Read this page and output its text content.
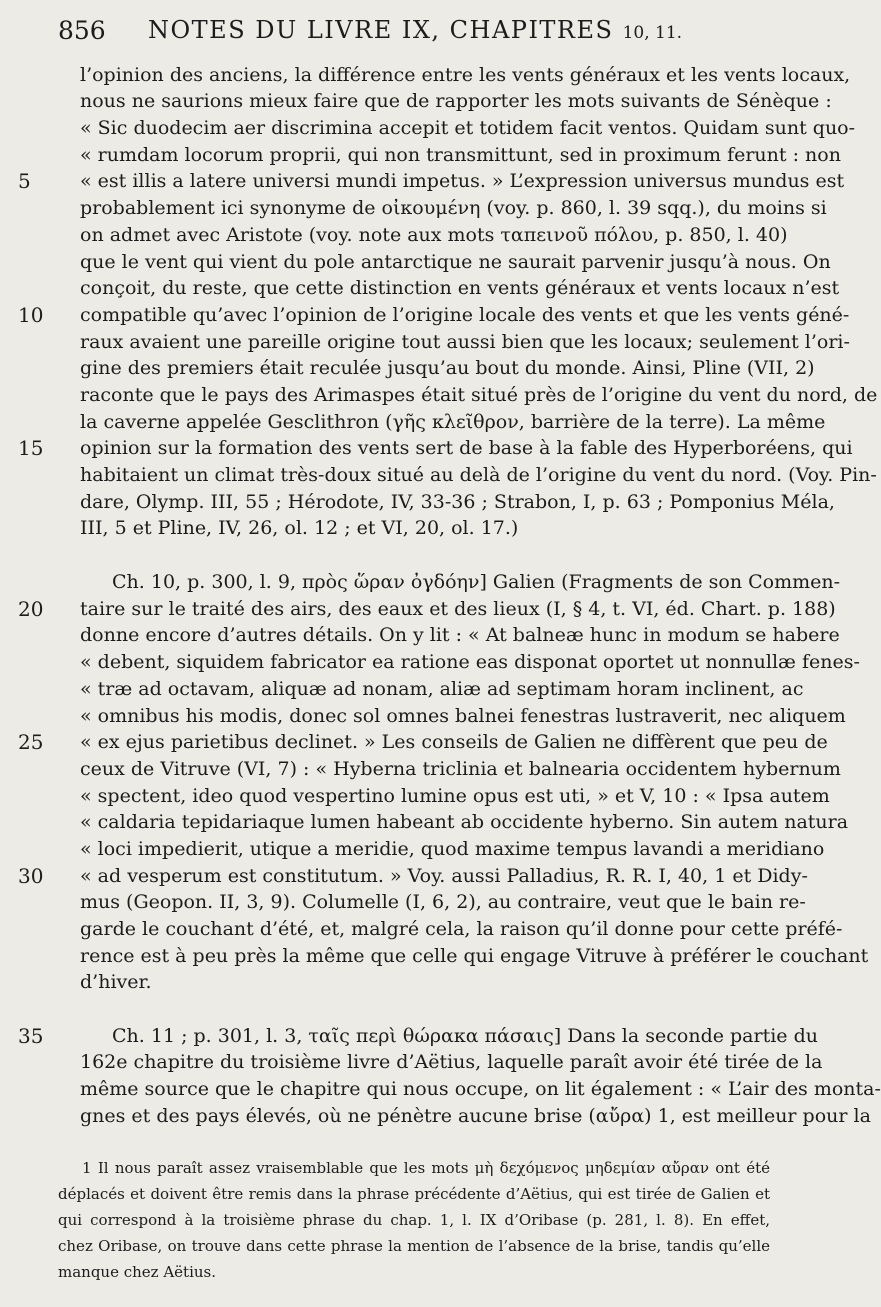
856 NOTES DU LIVRE IX, CHAPITRES 10, 11.
l’opinion des anciens, la différence entre les vents généraux et les vents locaux,
nous ne saurions mieux faire que de rapporter les mots suivants de Sénèque :
« Sic duodecim aer discrimina accepit et totidem facit ventos. Quidam sunt quo-
« rumdam locorum proprii, qui non transmittunt, sed in proximum ferunt : non
« est illis a latere universi mundi impetus. » L’expression universus mundus est
probablement ici synonyme de οἰκουμένη (voy. p. 860, l. 39 sqq.), du moins si
on admet avec Aristote (voy. note aux mots ταπεινοῦ πόλου, p. 850, l. 40)
que le vent qui vient du pole antarctique ne saurait parvenir jusqu’à nous. On
conçoit, du reste, que cette distinction en vents généraux et vents locaux n’est
compatible qu’avec l’opinion de l’origine locale des vents et que les vents géné-
raux avaient une pareille origine tout aussi bien que les locaux; seulement l’ori-
gine des premiers était reculée jusqu’au bout du monde. Ainsi, Pline (VII, 2)
raconte que le pays des Arimaspes était situé près de l’origine du vent du nord, de
la caverne appelée Gesclithron (γῆς κλεῖθρον, barrière de la terre). La même
opinion sur la formation des vents sert de base à la fable des Hyperboréens, qui
habitaient un climat très-doux situé au delà de l’origine du vent du nord. (Voy. Pin-
dare, Olymp. III, 55 ; Hérodote, IV, 33-36 ; Strabon, I, p. 63 ; Pomponius Méla,
III, 5 et Pline, IV, 26, ol. 12 ; et VI, 20, ol. 17.)
Ch. 10, p. 300, l. 9, πρὸς ὥραν ὀγδόην] Galien (Fragments de son Commen-
taire sur le traité des airs, des eaux et des lieux (I, § 4, t. VI, éd. Chart. p. 188)
donne encore d’autres détails. On y lit : « At balneæ hunc in modum se habere
« debent, siquidem fabricator ea ratione eas disponat oportet ut nonnullæ fenes-
« træ ad octavam, aliquæ ad nonam, aliæ ad septimam horam inclinent, ac
« omnibus his modis, donec sol omnes balnei fenestras lustraverit, nec aliquem
« ex ejus parietibus declinet. » Les conseils de Galien ne diffèrent que peu de
ceux de Vitruve (VI, 7) : « Hyberna triclinia et balnearia occidentem hybernum
« spectent, ideo quod vespertino lumine opus est uti, » et V, 10 : « Ipsa autem
« caldaria tepidariaque lumen habeant ab occidente hyberno. Sin autem natura
« loci impedierit, utique a meridie, quod maxime tempus lavandi a meridiano
« ad vesperum est constitutum. » Voy. aussi Palladius, R. R. I, 40, 1 et Didy-
mus (Geopon. II, 3, 9). Columelle (I, 6, 2), au contraire, veut que le bain re-
garde le couchant d’été, et, malgré cela, la raison qu’il donne pour cette préfé-
rence est à peu près la même que celle qui engage Vitruve à préférer le couchant
d’hiver.
Ch. 11 ; p. 301, l. 3, ταῖς περὶ θώρακα πάσαις] Dans la seconde partie du
162e chapitre du troisième livre d’Aëtius, laquelle paraît avoir été tirée de la
même source que le chapitre qui nous occupe, on lit également : « L’air des monta-
gnes et des pays élevés, où ne pénètre aucune brise (αὔρα) 1, est meilleur pour la
5
10
15
20
25
30
35
1 Il nous paraît assez vraisemblable que les mots μὴ δεχόμενος μηδεμίαν αὔραν ont été
déplacés et doivent être remis dans la phrase précédente d’Aëtius, qui est tirée de Galien et
qui correspond à la troisième phrase du chap. 1, l. IX d’Oribase (p. 281, l. 8). En effet,
chez Oribase, on trouve dans cette phrase la mention de l’absence de la brise, tandis qu’elle
manque chez Aëtius.
